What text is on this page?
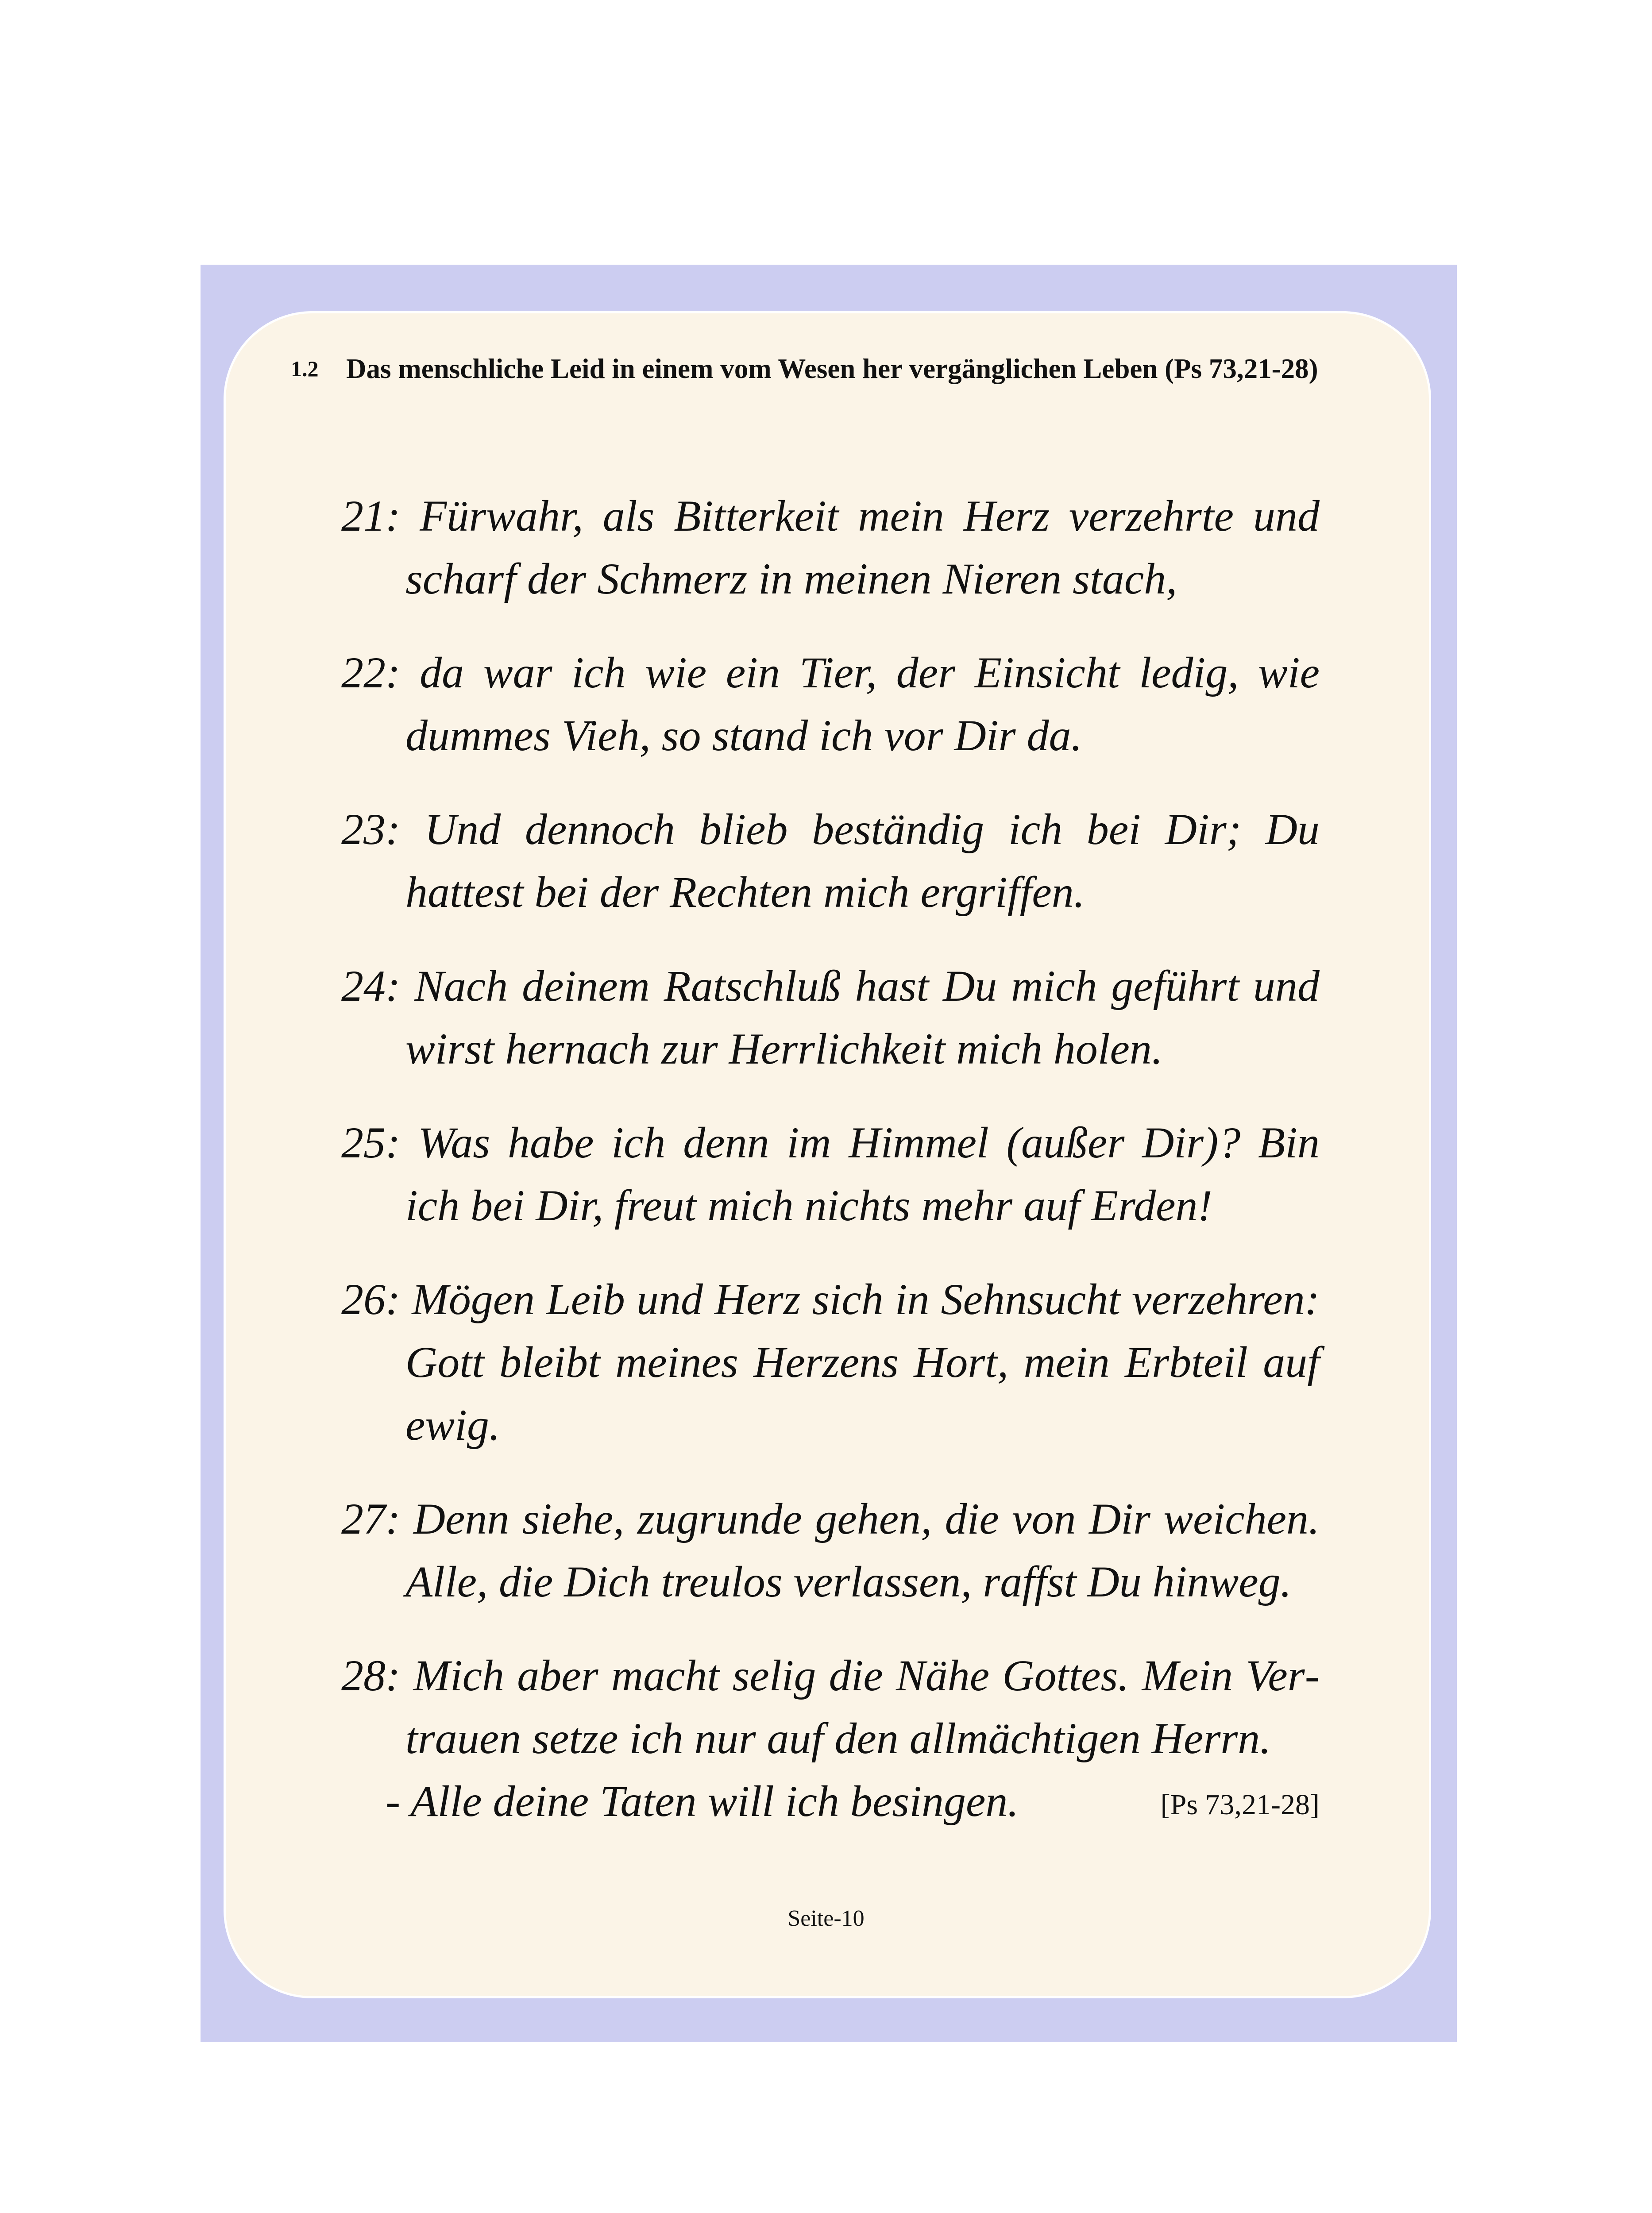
1.2 Das menschliche Leid in einem vom Wesen her vergänglichen Leben (Ps 73,21-28)

21: Fürwahr, als Bitterkeit mein Herz verzehrte und scharf der Schmerz in meinen Nieren stach,

22: da war ich wie ein Tier, der Einsicht ledig, wie dummes Vieh, so stand ich vor Dir da.

23: Und dennoch blieb beständig ich bei Dir; Du hattest bei der Rechten mich ergriffen.

24: Nach deinem Ratschluß hast Du mich geführt und wirst hernach zur Herrlichkeit mich holen.

25: Was habe ich denn im Himmel (außer Dir)? Bin ich bei Dir, freut mich nichts mehr auf Erden!

26: Mögen Leib und Herz sich in Sehnsucht verzehren: Gott bleibt meines Herzens Hort, mein Erbteil auf ewig.

27: Denn siehe, zugrunde gehen, die von Dir weichen. Alle, die Dich treulos verlassen, raffst Du hinweg.

28: Mich aber macht selig die Nähe Gottes. Mein Vertrauen setze ich nur auf den allmächtigen Herrn.

- Alle deine Taten will ich besingen.	[Ps 73,21-28]
Seite-10
